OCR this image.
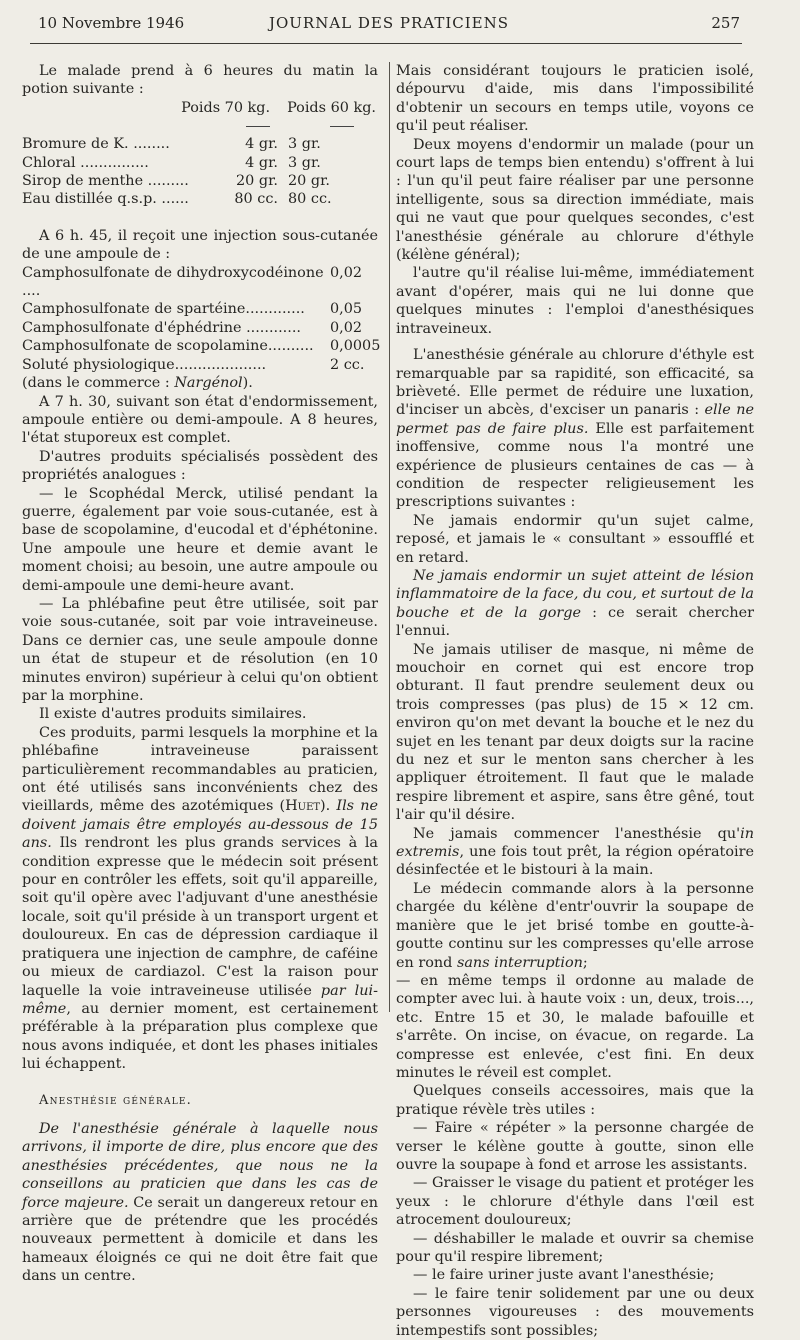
10 Novembre 1946	JOURNAL DES PRATICIENS	257

Le malade prend à 6 heures du matin la potion suivante :

Poids 70 kg. Poids 60 kg.
Bromure de K. ........	4 gr. 3 gr.
Chloral ...............	4 gr. 3 gr.
Sirop de menthe .........	20 gr. 20 gr.
Eau distillée q.s.p. ......	80 cc. 80 cc.

A 6 h. 45, il reçoit une injection sous-cutanée de une ampoule de :

Camphosulfonate de dihydroxycodéinone ....
0,02
Camphosulfonate de spartéine.............	0,05
Camphosulfonate d'éphédrine ............	0,02
Camphosulfonate de scopolamine..........	0,0005
Soluté physiologique....................	2 cc.

(dans le commerce : Nargénol).

A 7 h. 30, suivant son état d'endormissement, ampoule entière ou demi-ampoule. A 8 heures, l'état stuporeux est complet.

D'autres produits spécialisés possèdent des propriétés analogues :

— le Scophédal Merck, utilisé pendant la guerre, également par voie sous-cutanée, est à base de scopolamine, d'eucodal et d'éphétonine. Une ampoule une heure et demie avant le moment choisi; au besoin, une autre ampoule ou demi-ampoule une demi-heure avant.

— La phlébafine peut être utilisée, soit par voie sous-cutanée, soit par voie intraveineuse. Dans ce dernier cas, une seule ampoule donne un état de stupeur et de résolution (en 10 minutes environ) supérieur à celui qu'on obtient par la morphine.

Il existe d'autres produits similaires.

Ces produits, parmi lesquels la morphine et la phlébafine intraveineuse paraissent particulièrement recommandables au praticien, ont été utilisés sans inconvénients chez des vieillards, même des azotémiques (Huet). Ils ne doivent jamais être employés au-dessous de 15 ans. Ils rendront les plus grands services à la condition expresse que le médecin soit présent pour en contrôler les effets, soit qu'il appareille, soit qu'il opère avec l'adjuvant d'une anesthésie locale, soit qu'il préside à un transport urgent et douloureux. En cas de dépression cardiaque il pratiquera une injection de camphre, de caféine ou mieux de cardiazol. C'est la raison pour laquelle la voie intraveineuse utilisée par lui-même, au dernier moment, est certainement préférable à la préparation plus complexe que nous avons indiquée, et dont les phases initiales lui échappent.

Anesthésie générale.

De l'anesthésie générale à laquelle nous arrivons, il importe de dire, plus encore que des anesthésies précédentes, que nous ne la conseillons au praticien que dans les cas de force majeure. Ce serait un dangereux retour en arrière que de prétendre que les procédés nouveaux permettent à domicile et dans les hameaux éloignés ce qui ne doit être fait que dans un centre.

Mais considérant toujours le praticien isolé, dépourvu d'aide, mis dans l'impossibilité d'obtenir un secours en temps utile, voyons ce qu'il peut réaliser.

Deux moyens d'endormir un malade (pour un court laps de temps bien entendu) s'offrent à lui : l'un qu'il peut faire réaliser par une personne intelligente, sous sa direction immédiate, mais qui ne vaut que pour quelques secondes, c'est l'anesthésie générale au chlorure d'éthyle (kélène général);

l'autre qu'il réalise lui-même, immédiatement avant d'opérer, mais qui ne lui donne que quelques minutes : l'emploi d'anesthésiques intraveineux.

L'anesthésie générale au chlorure d'éthyle est remarquable par sa rapidité, son efficacité, sa brièveté. Elle permet de réduire une luxation, d'inciser un abcès, d'exciser un panaris : elle ne permet pas de faire plus. Elle est parfaitement inoffensive, comme nous l'a montré une expérience de plusieurs centaines de cas — à condition de respecter religieusement les prescriptions suivantes :

Ne jamais endormir qu'un sujet calme, reposé, et jamais le « consultant » essoufflé et en retard.

Ne jamais endormir un sujet atteint de lésion inflammatoire de la face, du cou, et surtout de la bouche et de la gorge : ce serait chercher l'ennui.

Ne jamais utiliser de masque, ni même de mouchoir en cornet qui est encore trop obturant. Il faut prendre seulement deux ou trois compresses (pas plus) de 15 × 12 cm. environ qu'on met devant la bouche et le nez du sujet en les tenant par deux doigts sur la racine du nez et sur le menton sans chercher à les appliquer étroitement. Il faut que le malade respire librement et aspire, sans être gêné, tout l'air qu'il désire.

Ne jamais commencer l'anesthésie qu'in extremis, une fois tout prêt, la région opératoire désinfectée et le bistouri à la main.

Le médecin commande alors à la personne chargée du kélène d'entr'ouvrir la soupape de manière que le jet brisé tombe en goutte-à-goutte continu sur les compresses qu'elle arrose en rond sans interruption;

— en même temps il ordonne au malade de compter avec lui. à haute voix : un, deux, trois..., etc. Entre 15 et 30, le malade bafouille et s'arrête. On incise, on évacue, on regarde. La compresse est enlevée, c'est fini. En deux minutes le réveil est complet.

Quelques conseils accessoires, mais que la pratique révèle très utiles :

— Faire « répéter » la personne chargée de verser le kélène goutte à goutte, sinon elle ouvre la soupape à fond et arrose les assistants.

— Graisser le visage du patient et protéger les yeux : le chlorure d'éthyle dans l'œil est atrocement douloureux;

— déshabiller le malade et ouvrir sa chemise pour qu'il respire librement;

— le faire uriner juste avant l'anesthésie;

— le faire tenir solidement par une ou deux personnes vigoureuses : des mouvements intempestifs sont possibles;
